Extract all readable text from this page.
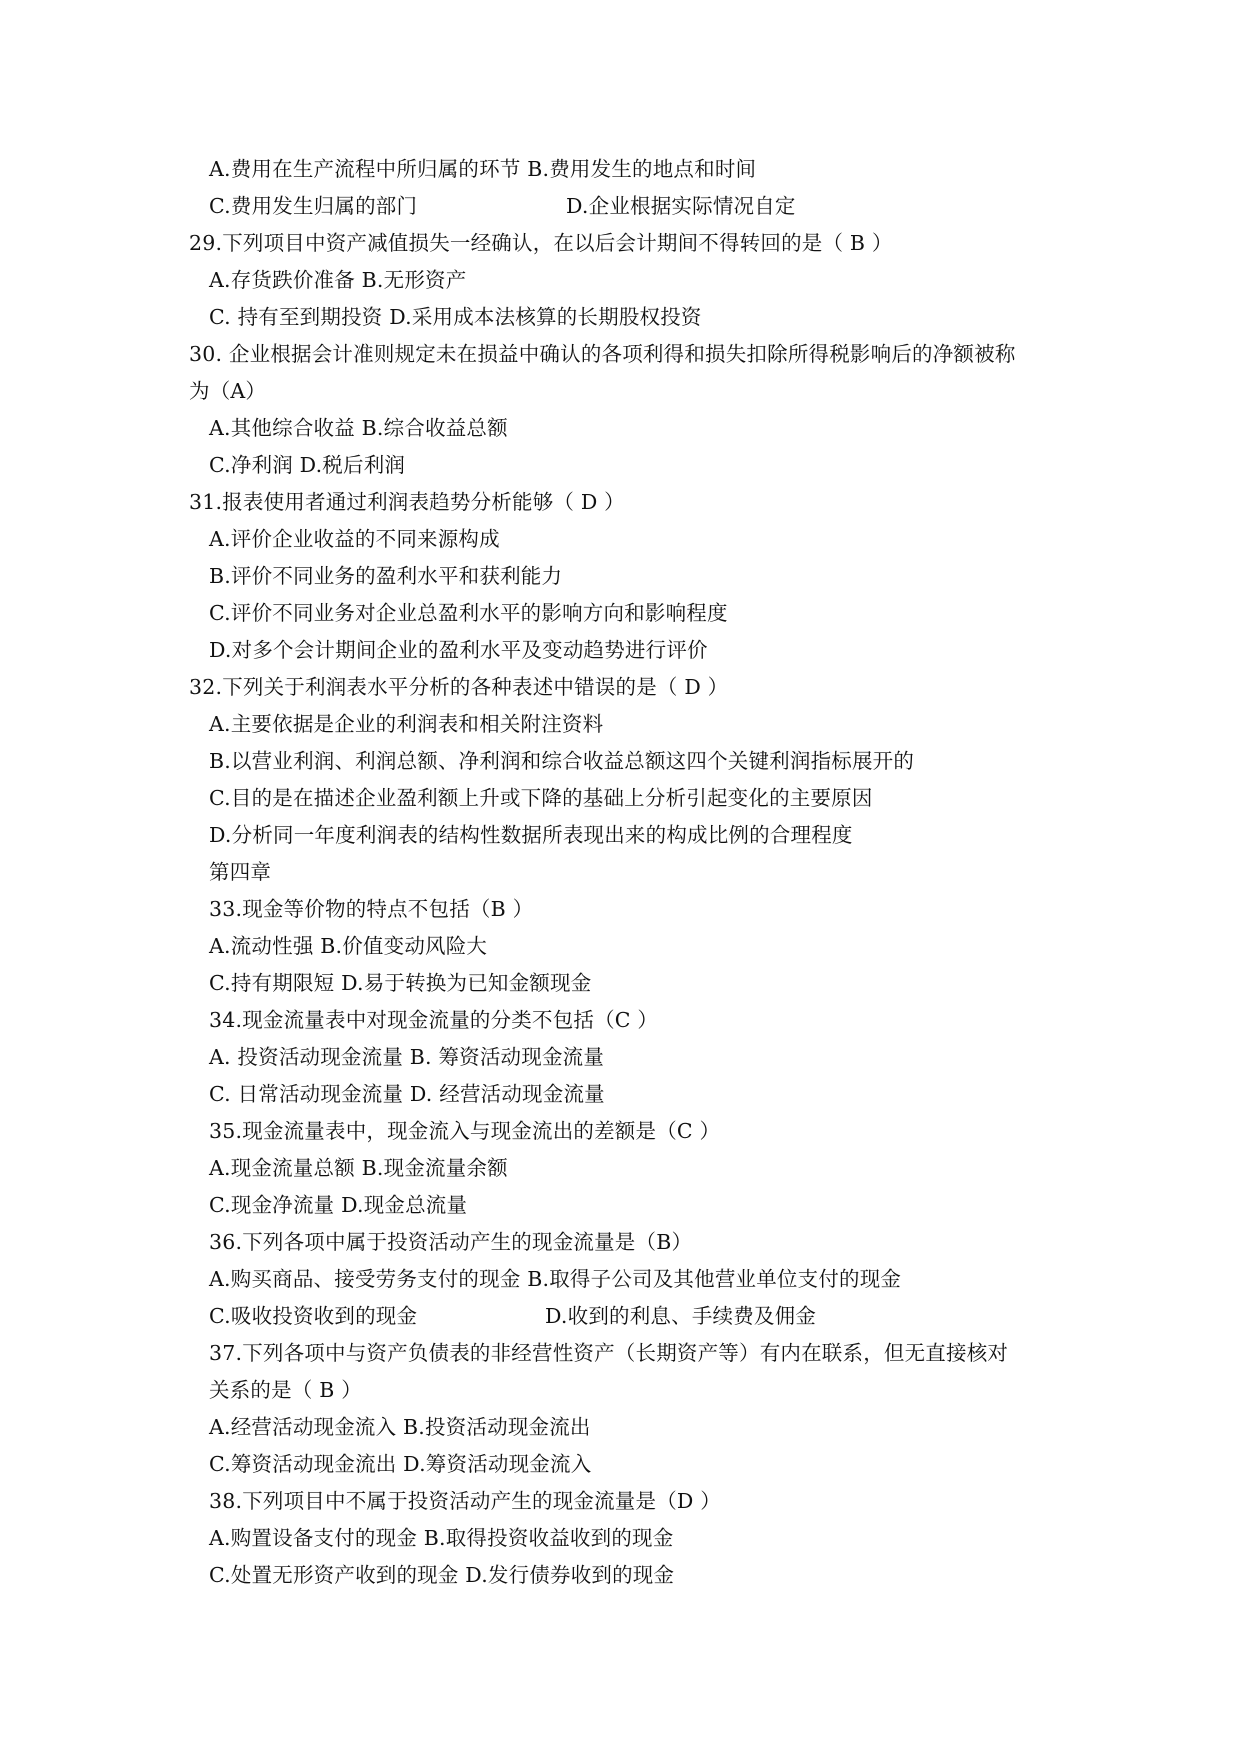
A.费用在生产流程中所归属的环节 B.费用发生的地点和时间
C.费用发生归属的部门	D.企业根据实际情况自定
29.下列项目中资产减值损失一经确认，在以后会计期间不得转回的是（ B ）
A.存货跌价准备 B.无形资产
C. 持有至到期投资 D.采用成本法核算的长期股权投资
30. 企业根据会计准则规定未在损益中确认的各项利得和损失扣除所得税影响后的净额被称
为（A）
A.其他综合收益 B.综合收益总额
C.净利润 D.税后利润
31.报表使用者通过利润表趋势分析能够（ D ）
A.评价企业收益的不同来源构成
B.评价不同业务的盈利水平和获利能力
C.评价不同业务对企业总盈利水平的影响方向和影响程度
D.对多个会计期间企业的盈利水平及变动趋势进行评价
32.下列关于利润表水平分析的各种表述中错误的是（ D ）
A.主要依据是企业的利润表和相关附注资料
B.以营业利润、利润总额、净利润和综合收益总额这四个关键利润指标展开的
C.目的是在描述企业盈利额上升或下降的基础上分析引起变化的主要原因
D.分析同一年度利润表的结构性数据所表现出来的构成比例的合理程度
第四章
33.现金等价物的特点不包括（B ）
A.流动性强 B.价值变动风险大
C.持有期限短 D.易于转换为已知金额现金
34.现金流量表中对现金流量的分类不包括（C ）
A. 投资活动现金流量 B. 筹资活动现金流量
C. 日常活动现金流量 D. 经营活动现金流量
35.现金流量表中，现金流入与现金流出的差额是（C ）
A.现金流量总额 B.现金流量余额
C.现金净流量 D.现金总流量
36.下列各项中属于投资活动产生的现金流量是（B）
A.购买商品、接受劳务支付的现金 B.取得子公司及其他营业单位支付的现金
C.吸收投资收到的现金	D.收到的利息、手续费及佣金
37.下列各项中与资产负债表的非经营性资产（长期资产等）有内在联系，但无直接核对
关系的是（ B ）
A.经营活动现金流入 B.投资活动现金流出
C.筹资活动现金流出 D.筹资活动现金流入
38.下列项目中不属于投资活动产生的现金流量是（D ）
A.购置设备支付的现金 B.取得投资收益收到的现金
C.处置无形资产收到的现金 D.发行债券收到的现金
